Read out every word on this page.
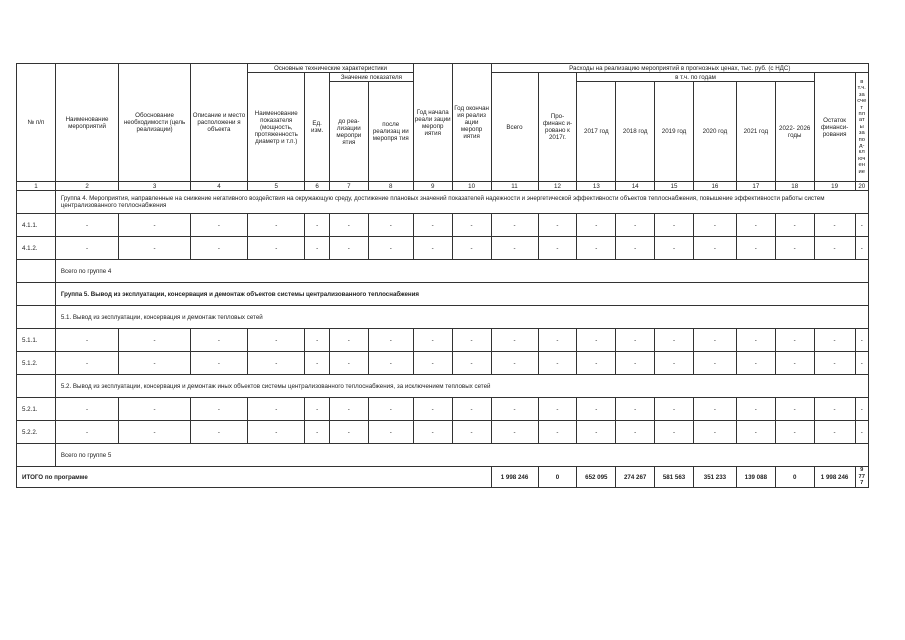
№ п/п	Наименование мероприятий	Обоснование необходимости (цель реализации)	Описание и место расположени я объекта	Основные технические характеристики				Год начала реали зации меропр иятия	Год окончан ия реализ ации меропр иятия	Расходы на реализацию мероприятий в прогнозных ценах, тыс. руб. (с НДС)									
				Наименование показателя (мощность, протяженность диаметр и т.п.)	Ед. изм.	Значение показателя				Всего	Про- финанс и- ровано к 2017г.	в т.ч. по годам						Остаток финанси- рования	в т.ч. за счет пл ат ы за по д- кл юч ен ие
						до реа- лизации меропри ятия	после реализац ии меропря тия					2017 год	2018 год	2019 год	2020 год	2021 год	2022- 2026 годы		

1	2	3	4	5	6	7	8	9	10	11	12	13	14	15	16	17	18	19	20
	Группа 4. Мероприятия, направленные на снижение негативного воздействия на окружающую среду, достижение плановых значений показателей надежности и энергетической эффективности объектов теплоснабжения, повышение эффективности работы систем централизованного теплоснабжения																		
4.1.1.	-	-	-	-	-	-	-	-	-	-	-	-	-	-	-	-	-	-	-
4.1.2.	-	-	-	-	-	-	-	-	-	-	-	-	-	-	-	-	-	-	-
	Всего по группе 4																		
	Группа 5. Вывод из эксплуатации, консервация и демонтаж объектов системы централизованного теплоснабжения																		
	5.1. Вывод из эксплуатации, консервация и демонтаж тепловых сетей																		
5.1.1.	-	-	-	-	-	-	-	-	-	-	-	-	-	-	-	-	-	-	-
5.1.2.	-	-	-	-	-	-	-	-	-	-	-	-	-	-	-	-	-	-	-
	5.2. Вывод из эксплуатации, консервация и демонтаж иных объектов системы централизованного теплоснабжения, за исключением тепловых сетей																		
5.2.1.	-	-	-	-	-	-	-	-	-	-	-	-	-	-	-	-	-	-	-
5.2.2.	-	-	-	-	-	-	-	-	-	-	-	-	-	-	-	-	-	-	-
	Всего по группе 5																		
ИТОГО по программе										1 998 246	0	652 095	274 267	581 563	351 233	139 088	0	1 998 246	9 77 7
